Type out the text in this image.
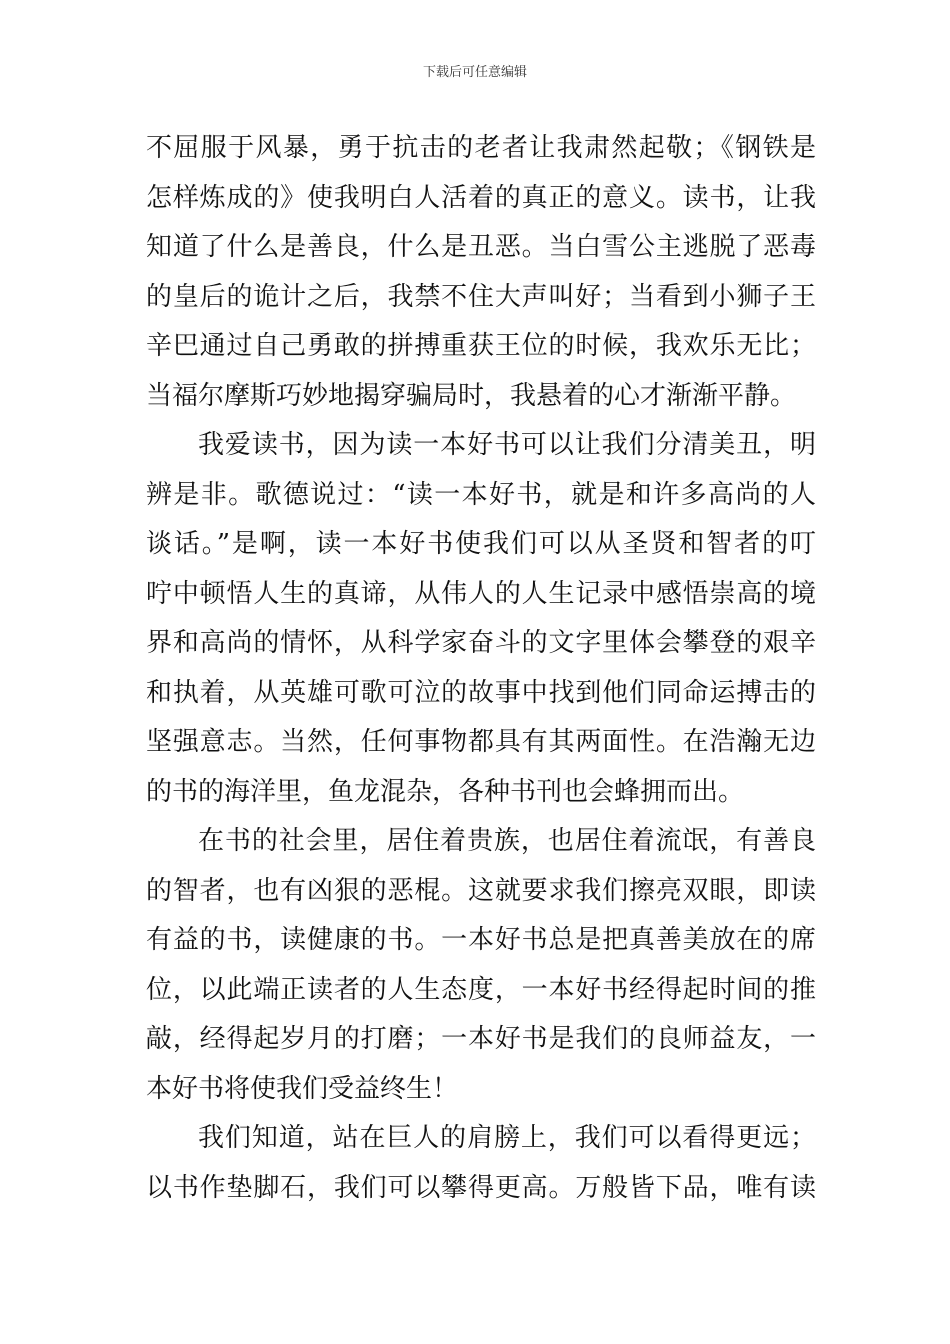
下载后可任意编辑
不屈服于风暴，勇于抗击的老者让我肃然起敬；《钢铁是
怎样炼成的》使我明白人活着的真正的意义。读书，让我
知道了什么是善良，什么是丑恶。当白雪公主逃脱了恶毒
的皇后的诡计之后，我禁不住大声叫好；当看到小狮子王
辛巴通过自己勇敢的拼搏重获王位的时候，我欢乐无比；
当福尔摩斯巧妙地揭穿骗局时，我悬着的心才渐渐平静。
我爱读书，因为读一本好书可以让我们分清美丑，明
辨是非。歌德说过：“读一本好书，就是和许多高尚的人
谈话。”是啊，读一本好书使我们可以从圣贤和智者的叮
咛中顿悟人生的真谛，从伟人的人生记录中感悟崇高的境
界和高尚的情怀，从科学家奋斗的文字里体会攀登的艰辛
和执着，从英雄可歌可泣的故事中找到他们同命运搏击的
坚强意志。当然，任何事物都具有其两面性。在浩瀚无边
的书的海洋里，鱼龙混杂，各种书刊也会蜂拥而出。
在书的社会里，居住着贵族，也居住着流氓，有善良
的智者，也有凶狠的恶棍。这就要求我们擦亮双眼，即读
有益的书，读健康的书。一本好书总是把真善美放在的席
位，以此端正读者的人生态度，一本好书经得起时间的推
敲，经得起岁月的打磨；一本好书是我们的良师益友，一
本好书将使我们受益终生！
我们知道，站在巨人的肩膀上，我们可以看得更远；
以书作垫脚石，我们可以攀得更高。万般皆下品，唯有读
